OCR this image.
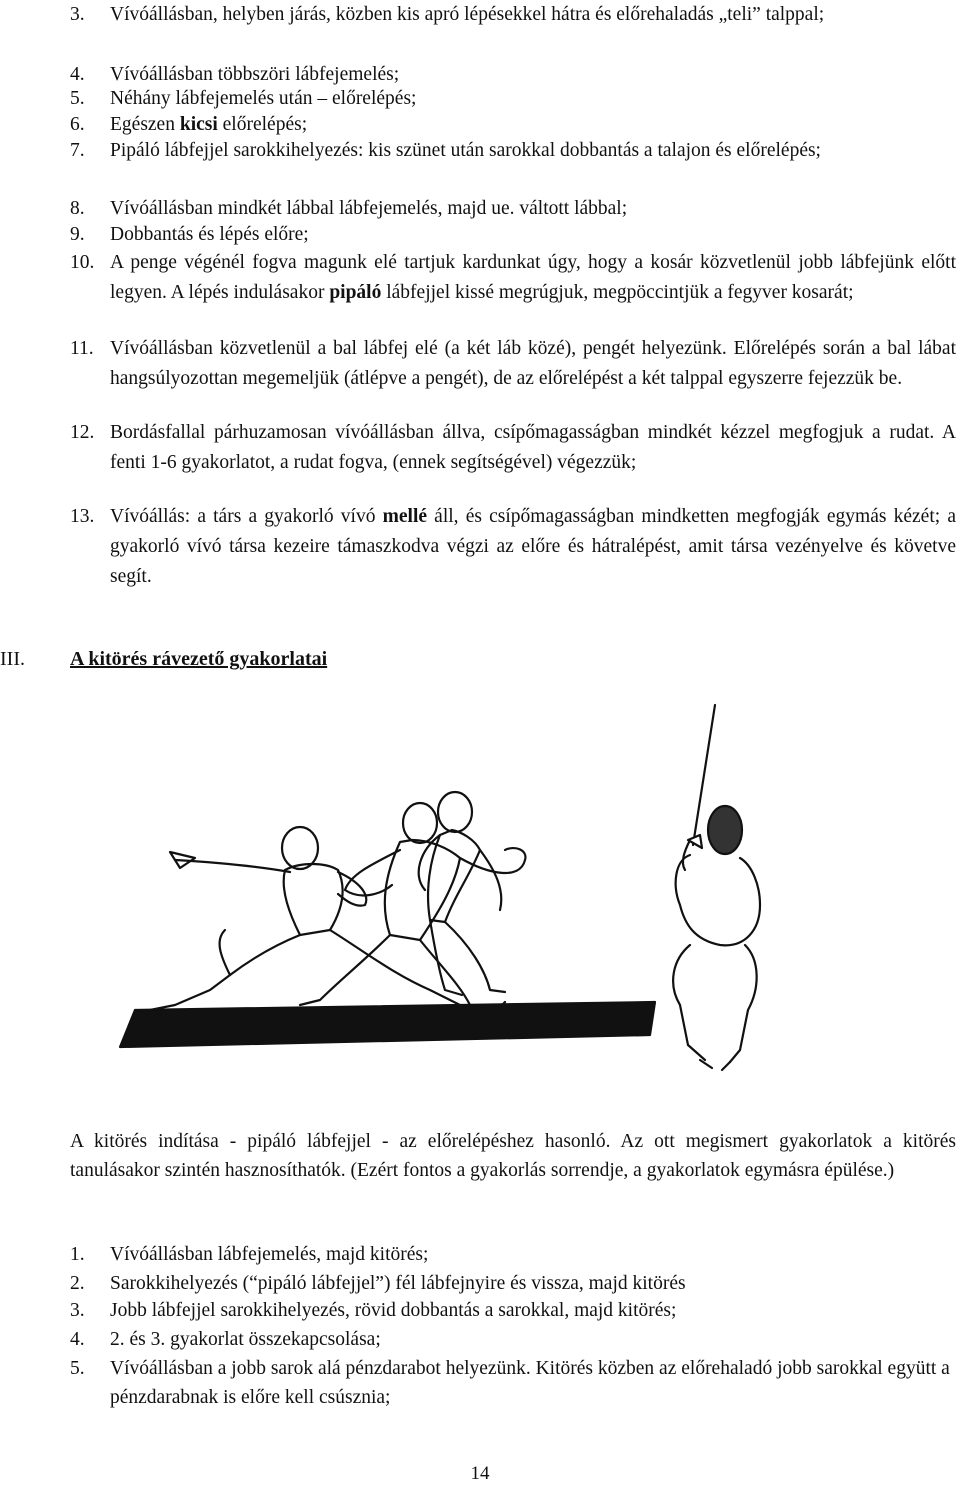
3.	Vívóállásban, helyben járás, közben kis apró lépésekkel hátra és előrehaladás „teli” talppal;
4.	Vívóállásban többszöri lábfejemelés;
5.	Néhány lábfejemelés után – előrelépés;
6.	Egészen kicsi előrelépés;
7.	Pipáló lábfejjel sarokkihelyezés: kis szünet után sarokkal dobbantás a talajon és előrelépés;
8.	Vívóállásban mindkét lábbal lábfejemelés, majd ue. váltott lábbal;
9.	Dobbantás és lépés előre;
10. A penge végénél fogva magunk elé tartjuk kardunkat úgy, hogy a kosár közvetlenül jobb lábfejünk előtt legyen. A lépés indulásakor pipáló lábfejjel kissé megrúgjuk, megpöccintjük a fegyver kosarát;
11. Vívóállásban közvetlenül a bal lábfej elé (a két láb közé), pengét helyezünk. Előrelépés során a bal lábat hangsúlyozottan megemeljük (átlépve a pengét), de az előrelépést a két talppal egyszerre fejezzük be.
12. Bordásfallal párhuzamosan vívóállásban állva, csípőmagasságban mindkét kézzel megfogjuk a rudat. A fenti 1-6 gyakorlatot, a rudat fogva, (ennek segítségével) végezzük;
13. Vívóállás: a társ a gyakorló vívó mellé áll, és csípőmagasságban mindketten megfogják egymás kézét; a gyakorló vívó társa kezeire támaszkodva végzi az előre és hátralépést, amit társa vezényelve és követve segít.
III. A kitörés rávezető gyakorlatai
A kitörés indítása - pipáló lábfejjel - az előrelépéshez hasonló. Az ott megismert gyakorlatok a kitörés tanulásakor szintén hasznosíthatók. (Ezért fontos a gyakorlás sorrendje, a gyakorlatok egymásra épülése.)
1.	Vívóállásban lábfejemelés, majd kitörés;
2.	Sarokkihelyezés (“pipáló lábfejjel”) fél lábfejnyire és vissza, majd kitörés
3.	Jobb lábfejjel sarokkihelyezés, rövid dobbantás a sarokkal, majd kitörés;
4.	2. és 3. gyakorlat összekapcsolása;
5.	Vívóállásban a jobb sarok alá pénzdarabot helyezünk. Kitörés közben az előrehaladó jobb sarokkal együtt a pénzdarabnak is előre kell csúsznia;
14
